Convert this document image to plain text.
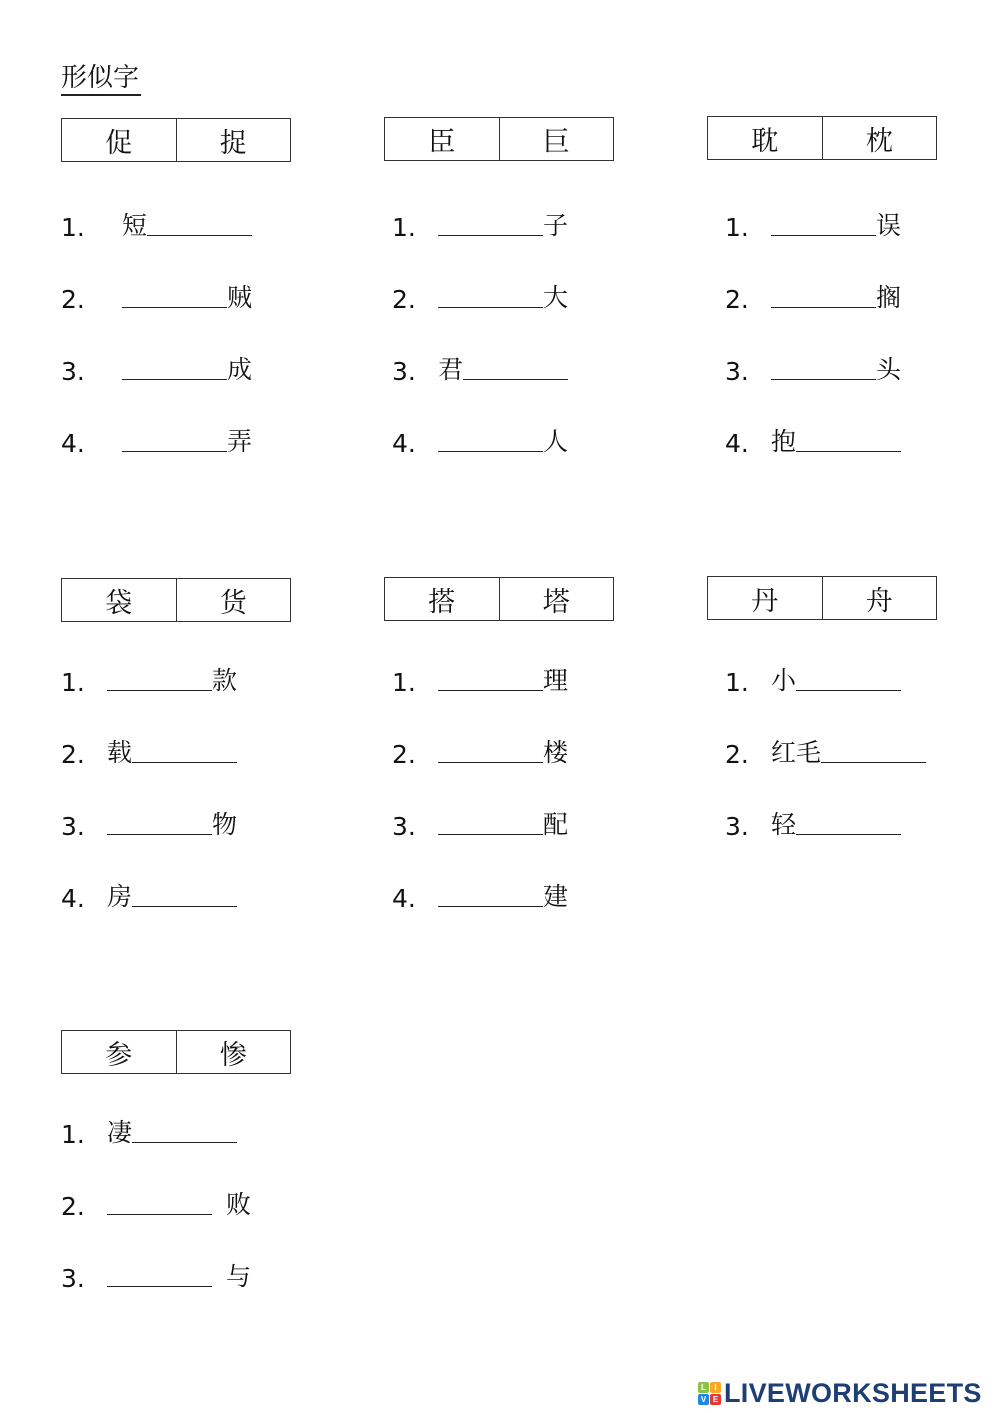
形似字
促	捉
1. 短
2.	贼
3.	成
4.	弄
臣	巨
1.	子
2.	大
3. 君
4.	人
耽	枕
1.	误
2.	搁
3.	头
4. 抱
袋	货
1.	款
2. 载
3.	物
4. 房
搭	塔
1.	理
2.	楼
3.	配
4.	建
丹	舟
1. 小
2. 红毛
3. 轻
参	惨
1. 凄
2.	败
3.	与
L	I
V E LIVEWORKSHEETS
